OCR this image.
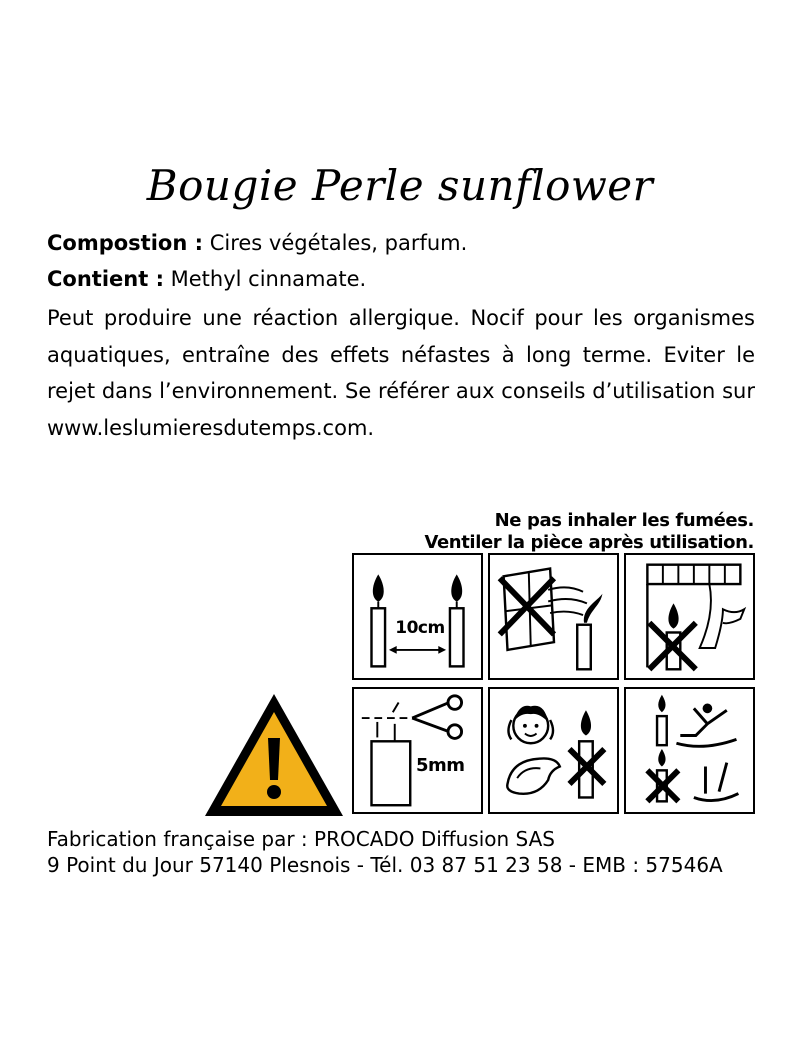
Bougie Perle sunflower
Compostion : Cires végétales, parfum.
Contient : Methyl cinnamate.
Peut produire une réaction allergique. Nocif pour les organismes aquatiques, entraîne des effets néfastes à long terme. Eviter le rejet dans l’environnement. Se référer aux conseils d’utilisation sur www.leslumieresdutemps.com.
Ne pas inhaler les fumées.
Ventiler la pièce après utilisation.
10cm
5mm
Fabrication française par : PROCADO Diffusion SAS
9 Point du Jour 57140 Plesnois - Tél. 03 87 51 23 58 - EMB : 57546A
